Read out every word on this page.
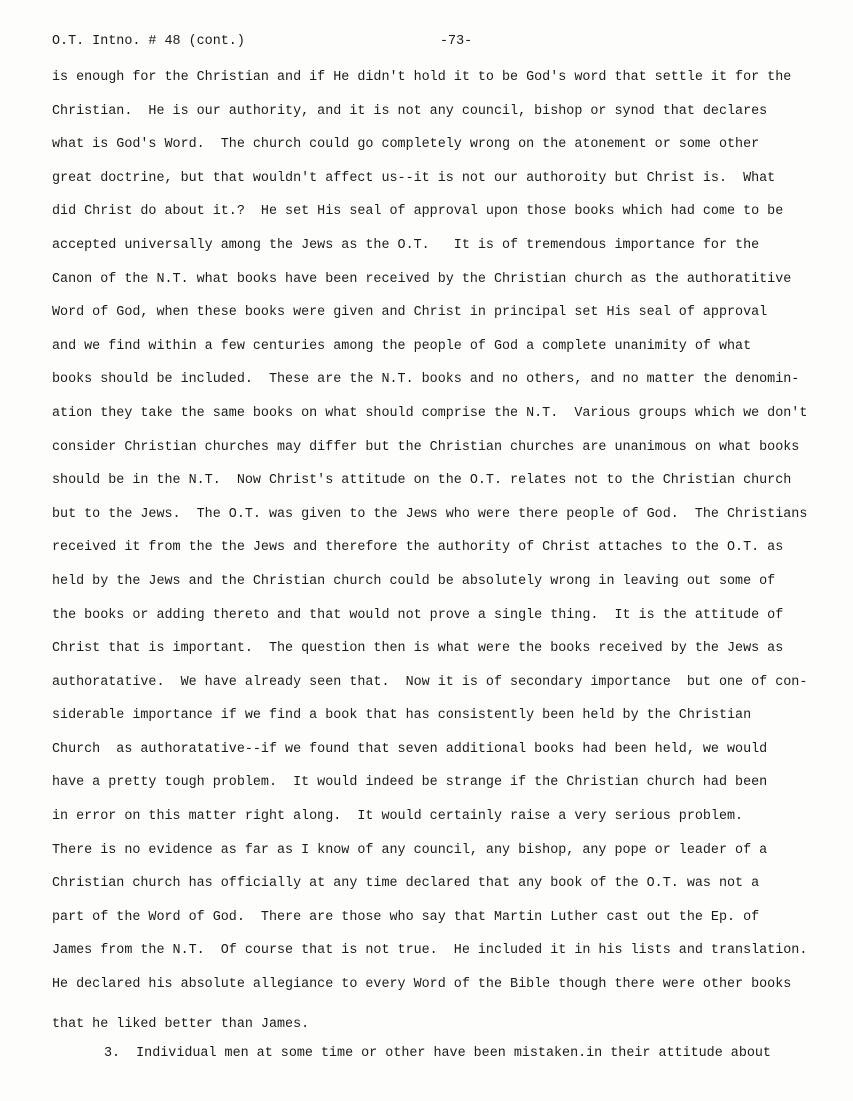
O.T. Intno. # 48 (cont.)	-73-
is enough for the Christian and if He didn't hold it to be God's word that settle it for the
Christian.  He is our authority, and it is not any council, bishop or synod that declares
what is God's Word.  The church could go completely wrong on the atonement or some other
great doctrine, but that wouldn't affect us--it is not our authoroity but Christ is.  What
did Christ do about it.?  He set His seal of approval upon those books which had come to be
accepted universally among the Jews as the O.T.   It is of tremendous importance for the
Canon of the N.T. what books have been received by the Christian church as the authoratitive
Word of God, when these books were given and Christ in principal set His seal of approval
and we find within a few centuries among the people of God a complete unanimity of what
books should be included.  These are the N.T. books and no others, and no matter the denomin-
ation they take the same books on what should comprise the N.T.  Various groups which we don't
consider Christian churches may differ but the Christian churches are unanimous on what books
should be in the N.T.  Now Christ's attitude on the O.T. relates not to the Christian church
but to the Jews.  The O.T. was given to the Jews who were there people of God.  The Christians
received it from the the Jews and therefore the authority of Christ attaches to the O.T. as
held by the Jews and the Christian church could be absolutely wrong in leaving out some of
the books or adding thereto and that would not prove a single thing.  It is the attitude of
Christ that is important.  The question then is what were the books received by the Jews as
authoratative.  We have already seen that.  Now it is of secondary importance  but one of con-
siderable importance if we find a book that has consistently been held by the Christian
Church  as authoratative--if we found that seven additional books had been held, we would
have a pretty tough problem.  It would indeed be strange if the Christian church had been
in error on this matter right along.  It would certainly raise a very serious problem.
There is no evidence as far as I know of any council, any bishop, any pope or leader of a
Christian church has officially at any time declared that any book of the O.T. was not a
part of the Word of God.  There are those who say that Martin Luther cast out the Ep. of
James from the N.T.  Of course that is not true.  He included it in his lists and translation.
He declared his absolute allegiance to every Word of the Bible though there were other books
that he liked better than James.
3.  Individual men at some time or other have been mistaken.in their attitude about
